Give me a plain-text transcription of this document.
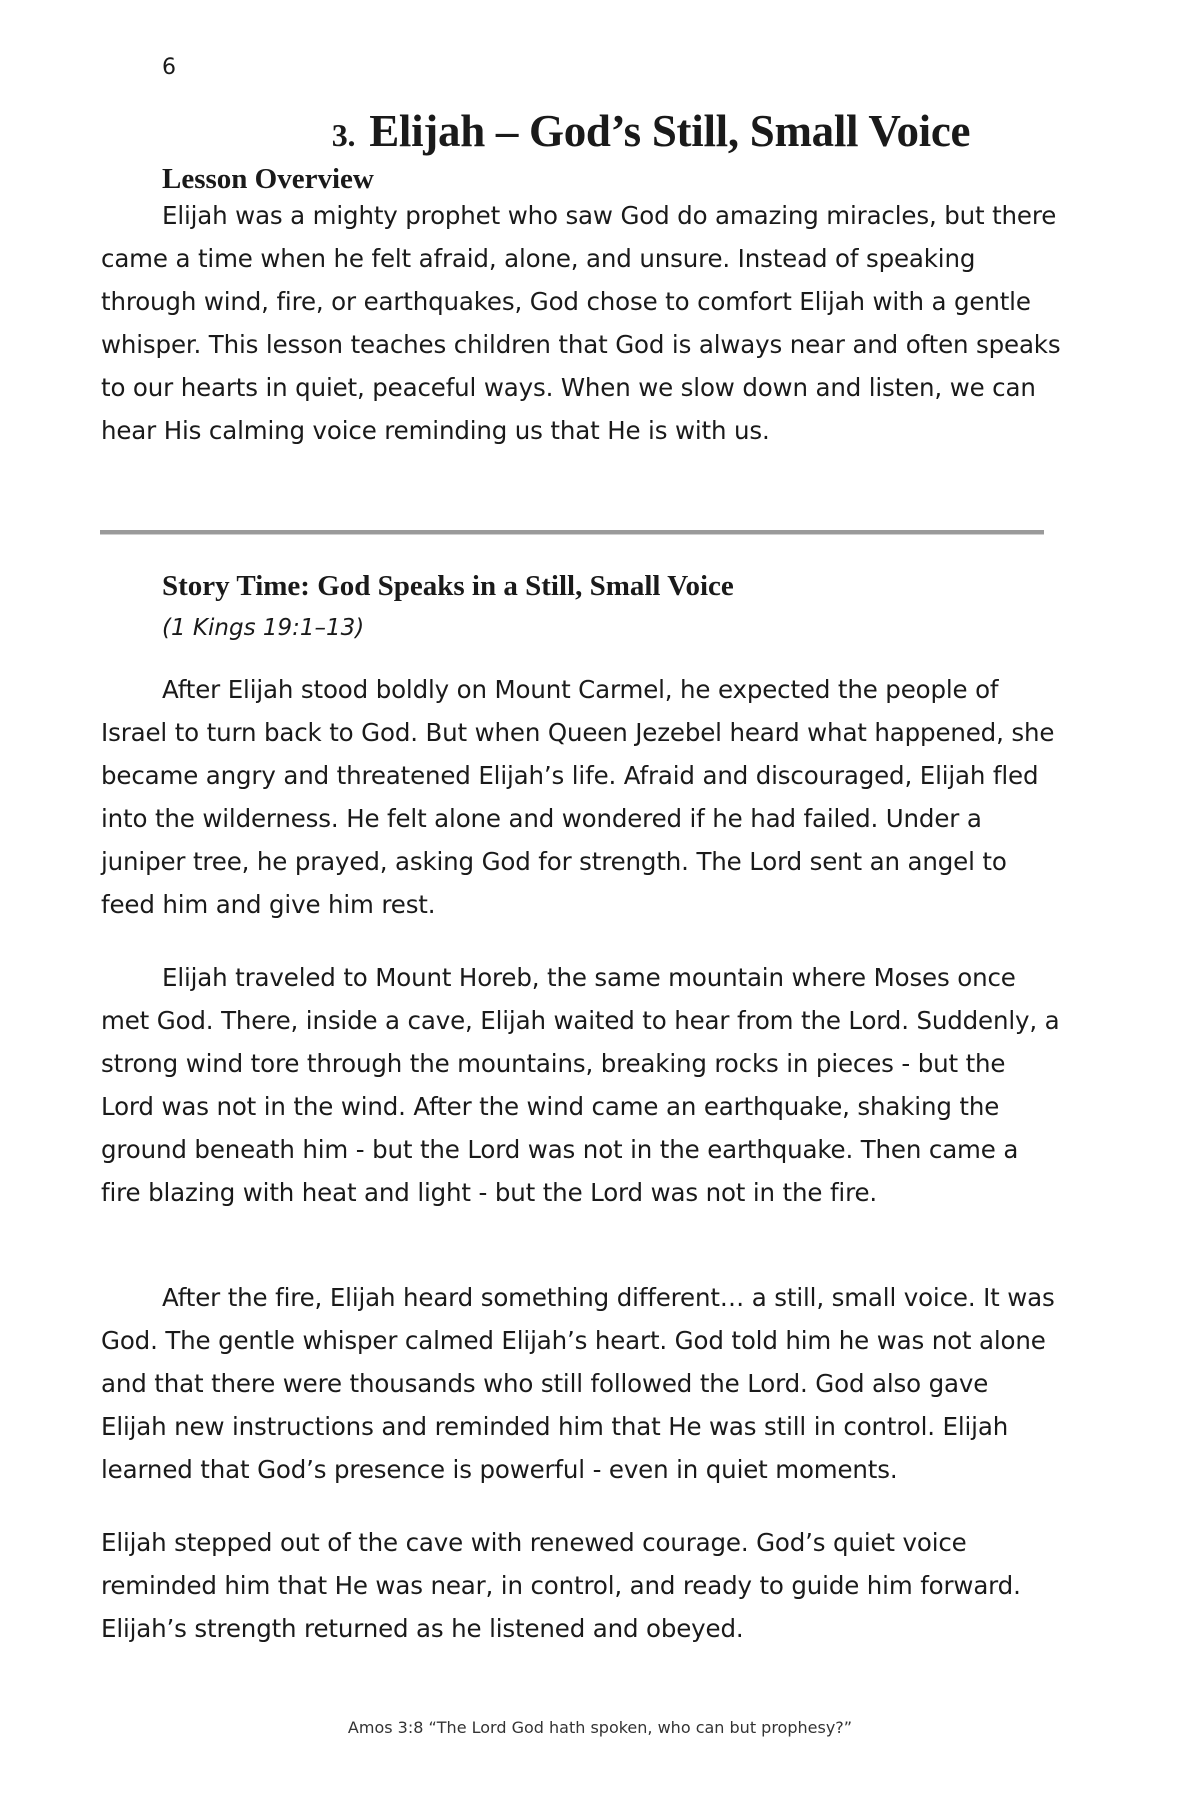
6
3. Elijah – God’s Still, Small Voice
Lesson Overview

Elijah was a mighty prophet who saw God do amazing miracles, but there came a time when he felt afraid, alone, and unsure. Instead of speaking through wind, fire, or earthquakes, God chose to comfort Elijah with a gentle whisper. This lesson teaches children that God is always near and often speaks to our hearts in quiet, peaceful ways. When we slow down and listen, we can hear His calming voice reminding us that He is with us.

Story Time: God Speaks in a Still, Small Voice
(1 Kings 19:1–13)

After Elijah stood boldly on Mount Carmel, he expected the people of Israel to turn back to God. But when Queen Jezebel heard what happened, she became angry and threatened Elijah’s life. Afraid and discouraged, Elijah fled into the wilderness. He felt alone and wondered if he had failed. Under a juniper tree, he prayed, asking God for strength. The Lord sent an angel to feed him and give him rest.

Elijah traveled to Mount Horeb, the same mountain where Moses once met God. There, inside a cave, Elijah waited to hear from the Lord. Suddenly, a strong wind tore through the mountains, breaking rocks in pieces - but the Lord was not in the wind. After the wind came an earthquake, shaking the ground beneath him - but the Lord was not in the earthquake. Then came a fire blazing with heat and light - but the Lord was not in the fire.

After the fire, Elijah heard something different… a still, small voice. It was God. The gentle whisper calmed Elijah’s heart. God told him he was not alone and that there were thousands who still followed the Lord. God also gave Elijah new instructions and reminded him that He was still in control. Elijah learned that God’s presence is powerful - even in quiet moments.

Elijah stepped out of the cave with renewed courage. God’s quiet voice reminded him that He was near, in control, and ready to guide him forward. Elijah’s strength returned as he listened and obeyed.

Amos 3:8 “The Lord God hath spoken, who can but prophesy?”
